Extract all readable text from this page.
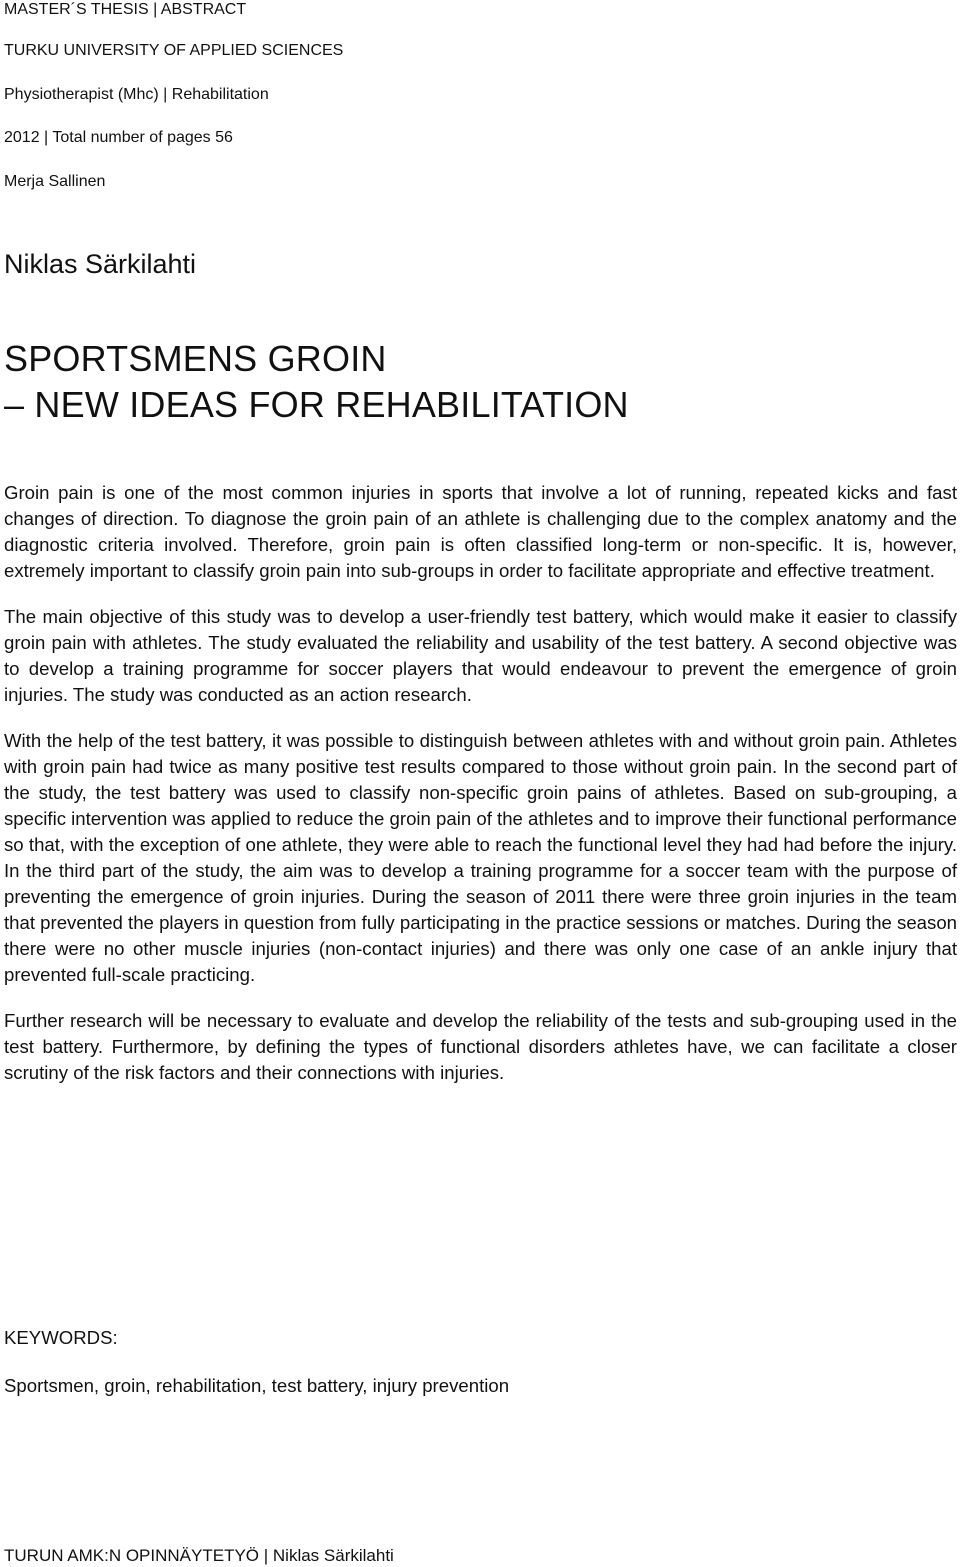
MASTER´S THESIS | ABSTRACT
TURKU UNIVERSITY OF APPLIED SCIENCES
Physiotherapist (Mhc) | Rehabilitation
2012 | Total number of pages 56
Merja Sallinen
Niklas Särkilahti
SPORTSMENS GROIN
– NEW IDEAS FOR REHABILITATION

Groin pain is one of the most common injuries in sports that involve a lot of running, repeated kicks and fast changes of direction. To diagnose the groin pain of an athlete is challenging due to the complex anatomy and the diagnostic criteria involved. Therefore, groin pain is often classified long-term or non-specific. It is, however, extremely important to classify groin pain into sub-groups in order to facilitate appropriate and effective treatment.

The main objective of this study was to develop a user-friendly test battery, which would make it easier to classify groin pain with athletes. The study evaluated the reliability and usability of the test battery. A second objective was to develop a training programme for soccer players that would endeavour to prevent the emergence of groin injuries. The study was conducted as an action research.

With the help of the test battery, it was possible to distinguish between athletes with and without groin pain. Athletes with groin pain had twice as many positive test results compared to those without groin pain. In the second part of the study, the test battery was used to classify non-specific groin pains of athletes. Based on sub-grouping, a specific intervention was applied to reduce the groin pain of the athletes and to improve their functional performance so that, with the exception of one athlete, they were able to reach the functional level they had had before the injury. In the third part of the study, the aim was to develop a training programme for a soccer team with the purpose of preventing the emergence of groin injuries. During the season of 2011 there were three groin injuries in the team that prevented the players in question from fully participating in the practice sessions or matches. During the season there were no other muscle injuries (non-contact injuries) and there was only one case of an ankle injury that prevented full-scale practicing.

Further research will be necessary to evaluate and develop the reliability of the tests and sub-grouping used in the test battery. Furthermore, by defining the types of functional disorders athletes have, we can facilitate a closer scrutiny of the risk factors and their connections with injuries.

KEYWORDS:
Sportsmen, groin, rehabilitation, test battery, injury prevention
TURUN AMK:N OPINNÄYTETYÖ | Niklas Särkilahti
